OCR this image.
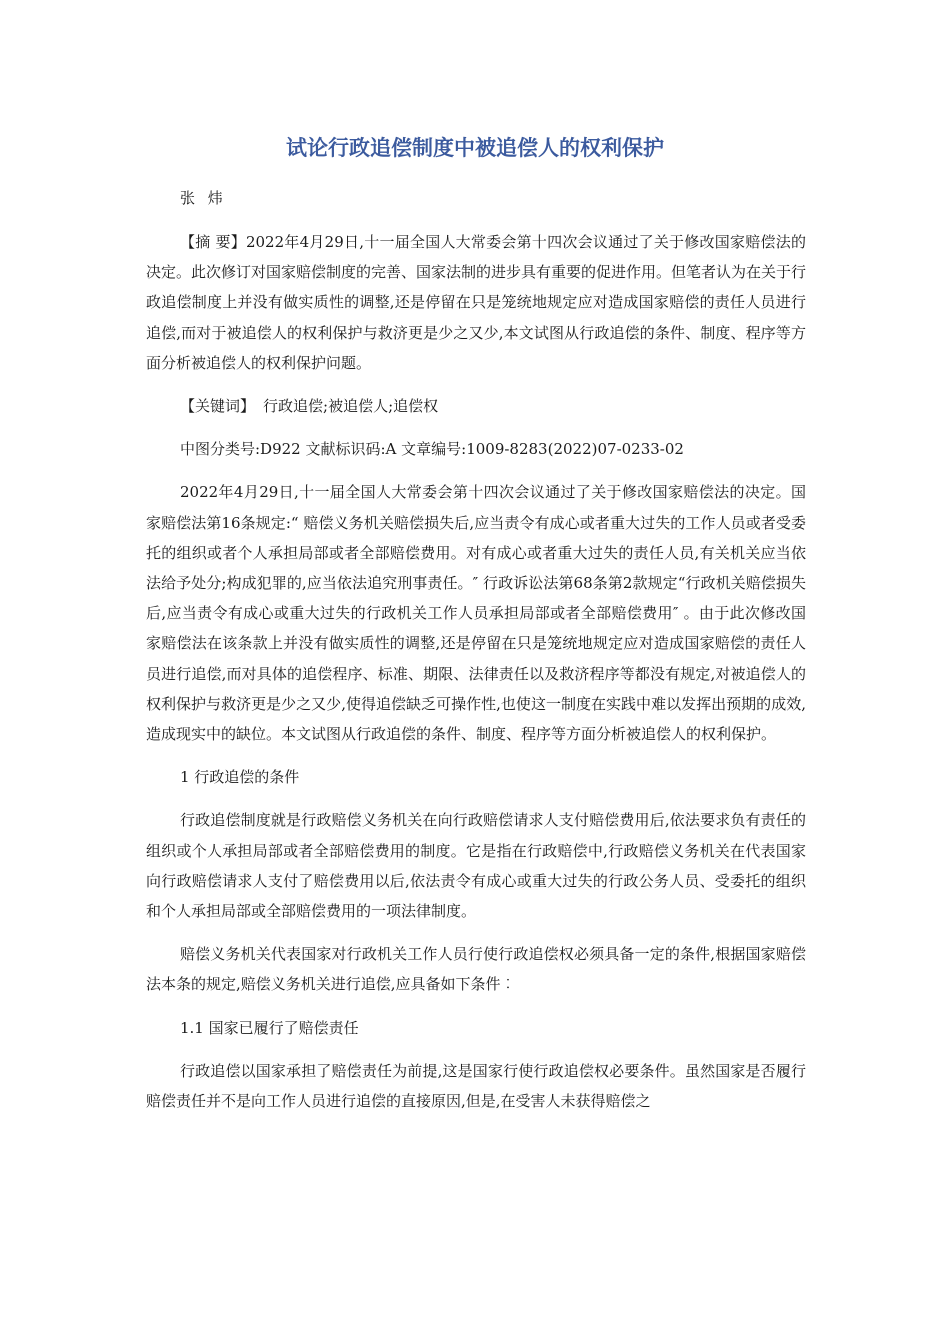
试论行政追偿制度中被追偿人的权利保护

张 炜

【摘 要】2022年4月29日,十一届全国人大常委会第十四次会议通过了关于修改国家赔偿法的决定。此次修订对国家赔偿制度的完善、国家法制的进步具有重要的促进作用。但笔者认为在关于行政追偿制度上并没有做实质性的调整,还是停留在只是笼统地规定应对造成国家赔偿的责任人员进行追偿,而对于被追偿人的权利保护与救济更是少之又少,本文试图从行政追偿的条件、制度、程序等方面分析被追偿人的权利保护问题。

【关键词】 行政追偿;被追偿人;追偿权

中图分类号:D922 文献标识码:A 文章编号:1009-8283(2022)07-0233-02

2022年4月29日,十一届全国人大常委会第十四次会议通过了关于修改国家赔偿法的决定。国家赔偿法第16条规定:“ 赔偿义务机关赔偿损失后,应当责令有成心或者重大过失的工作人员或者受委托的组织或者个人承担局部或者全部赔偿费用。对有成心或者重大过失的责任人员,有关机关应当依法给予处分;构成犯罪的,应当依法追究刑事责任。″ 行政诉讼法第68条第2款规定“行政机关赔偿损失后,应当责令有成心或重大过失的行政机关工作人员承担局部或者全部赔偿费用″ 。由于此次修改国家赔偿法在该条款上并没有做实质性的调整,还是停留在只是笼统地规定应对造成国家赔偿的责任人员进行追偿,而对具体的追偿程序、标准、期限、法律责任以及救济程序等都没有规定,对被追偿人的权利保护与救济更是少之又少,使得追偿缺乏可操作性,也使这一制度在实践中难以发挥出预期的成效,造成现实中的缺位。本文试图从行政追偿的条件、制度、程序等方面分析被追偿人的权利保护。

1 行政追偿的条件

行政追偿制度就是行政赔偿义务机关在向行政赔偿请求人支付赔偿费用后,依法要求负有责任的组织或个人承担局部或者全部赔偿费用的制度。它是指在行政赔偿中,行政赔偿义务机关在代表国家向行政赔偿请求人支付了赔偿费用以后,依法责令有成心或重大过失的行政公务人员、受委托的组织和个人承担局部或全部赔偿费用的一项法律制度。

赔偿义务机关代表国家对行政机关工作人员行使行政追偿权必须具备一定的条件,根据国家赔偿法本条的规定,赔偿义务机关进行追偿,应具备如下条件︰

1.1 国家已履行了赔偿责任

行政追偿以国家承担了赔偿责任为前提,这是国家行使行政追偿权必要条件。虽然国家是否履行赔偿责任并不是向工作人员进行追偿的直接原因,但是,在受害人未获得赔偿之
